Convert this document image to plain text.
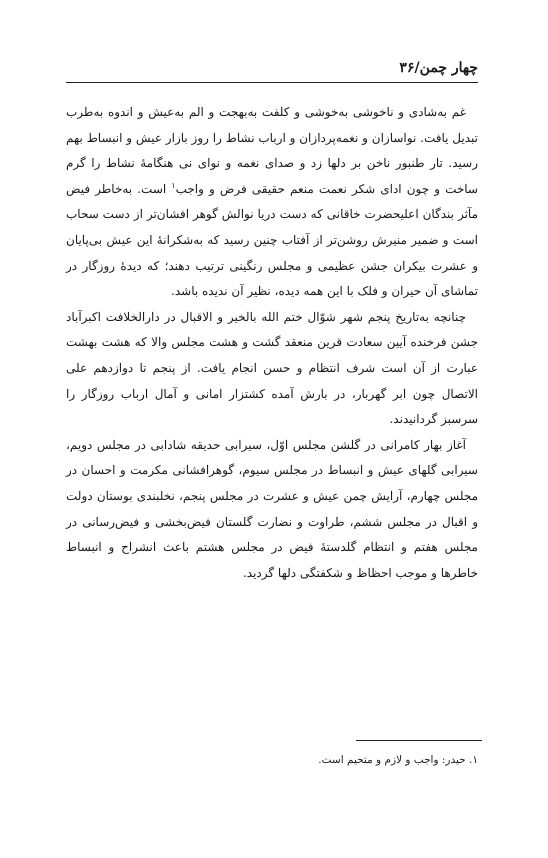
چهار چمن/۳۶

غم به‌شادی و ناخوشی به‌خوشی و کلفت به‌بهجت و الم به‌عیش و اندوه به‌طرب تبدیل یافت. نواسازان و نغمه‌پردازان و ارباب نشاط را روز بازار عیش و انبساط بهم رسید. تار طنبور ناخن بر دلها زد و صدای نغمه و نوای نی هنگامهٔ نشاط را گرم ساخت و چون ادای شکر نعمت منعم حقیقی فرض و واجب$^۱$ است. به‌خاطر فیض مآثر بندگان اعلیحضرت خاقانی که دست دریا نوالش گوهر افشان‌تر از دست سحاب است و ضمیر منیرش روشن‌تر از آفتاب چنین رسید که به‌شکرانهٔ این عیش بی‌پایان و عشرت بیکران جشن عظیمی و مجلس رنگینی ترتیب دهند؛ که دیدهٔ روزگار در تماشای آن حیران و فلک با این همه دیده، نظیر آن ندیده باشد.

چنانچه به‌تاریخ پنجم شهر شوّال ختم الله بالخیر و الاقبال در دارالخلافت اکبرآباد جشن فرخنده آیین سعادت قرین منعقد گشت و هشت مجلس والا که هشت بهشت عبارت از آن است شرف انتظام و حسن انجام یافت. از پنجم تا دوازدهم علی الاتصال چون ابر گهربار، در بارش آمده کشتزار امانی و آمال ارباب روزگار را سرسبز گردانیدند.

آغاز بهار کامرانی در گلشن مجلس اوّل، سیرابی حدیقه شادابی در مجلس دویم، سیرابی گلهای عیش و انبساط در مجلس سیوم، گوهرافشانی مکرمت و احسان در مجلس چهارم، آرایش چمن عیش و عشرت در مجلس پنجم، نخلبندی بوستان دولت و اقبال در مجلس ششم، طراوت و نضارت گلستان فیض‌بخشی و فیض‌رسانی در مجلس هفتم و انتظام گلدستهٔ فیض در مجلس هشتم باعث انشراح و انبساط خاطرها و موجب احظاظ و شکفتگی دلها گردید.

۱. حیدر: واجب و لازم و متحیم است.
